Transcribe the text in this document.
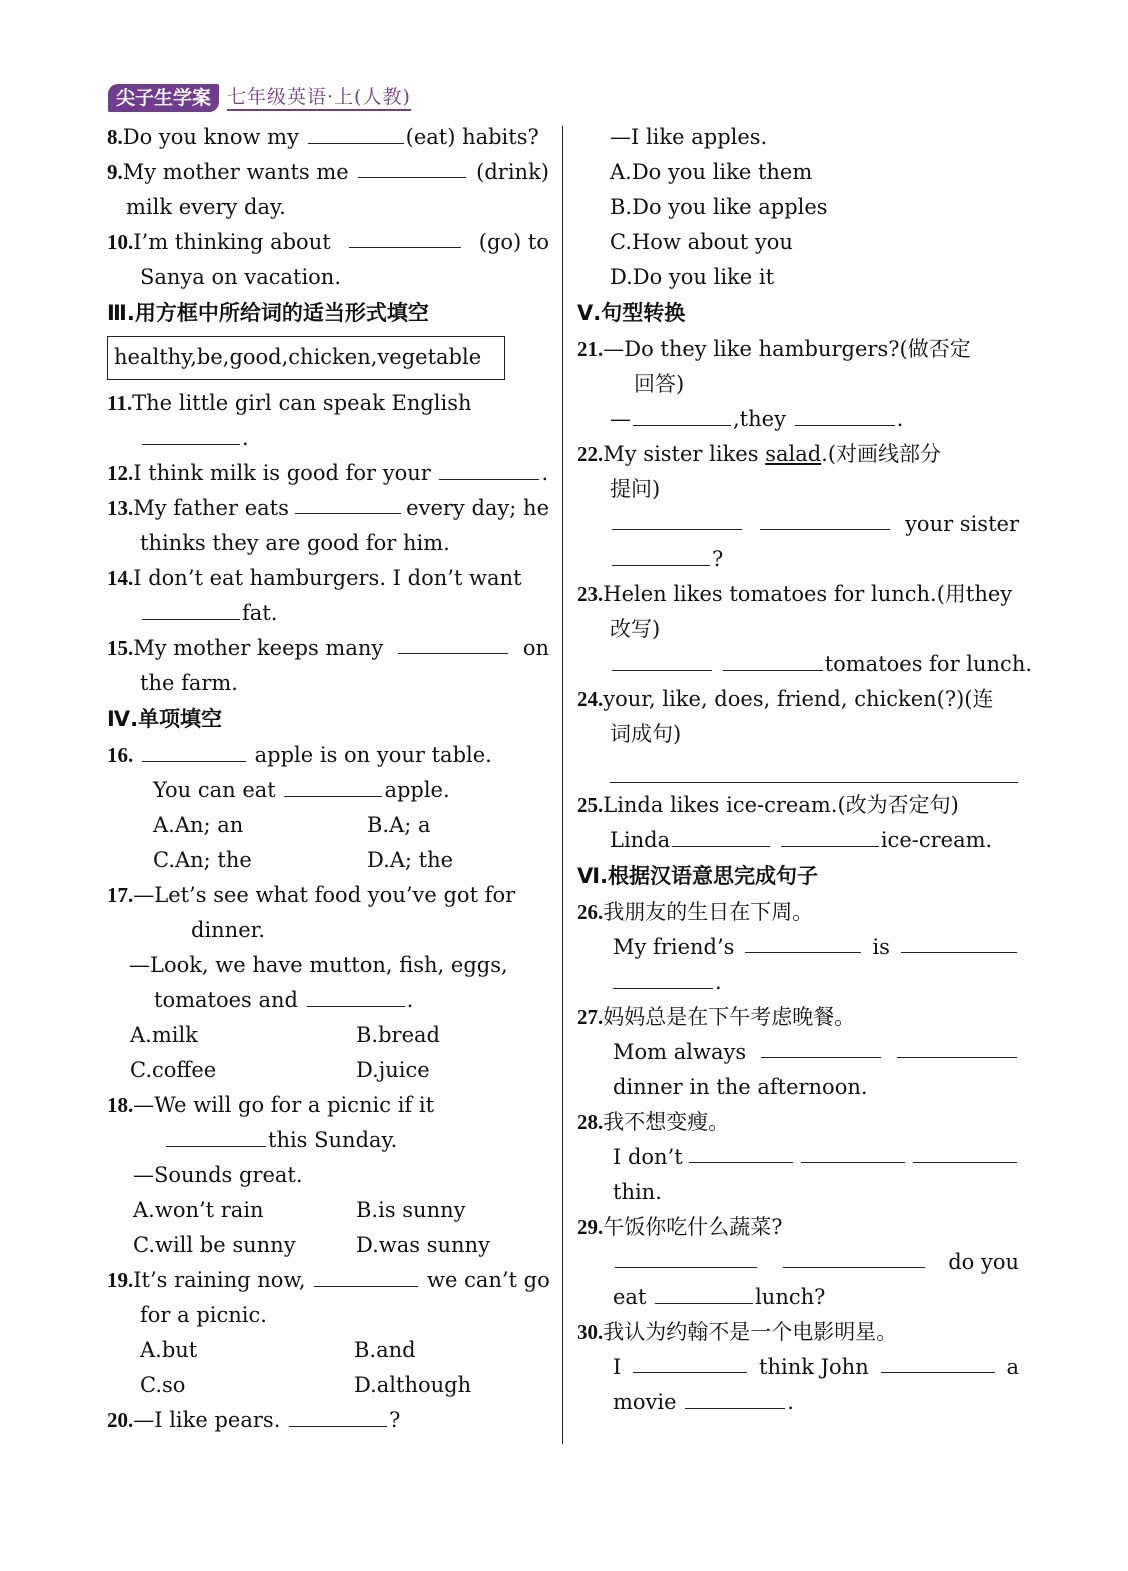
尖子生学案 七年级英语·上(人教)
8.Do you know my	(eat) habits?
9.My mother wants me	(drink)
milk every day.
10.I’m thinking about	(go) to
Sanya on vacation.
Ⅲ.用方框中所给词的适当形式填空
healthy,be,good,chicken,vegetable
11.The little girl can speak English
.
12.I think milk is good for your	.
13.My father eats	every day; he
thinks they are good for him.
14.I don’t eat hamburgers. I don’t want
fat.
15.My mother keeps many	on
the farm.
Ⅳ.单项填空
16.	apple is on your table.
You can eat	apple.
A.An; an	B.A; a
C.An; the	D.A; the
17.—Let’s see what food you’ve got for
dinner.
—Look, we have mutton, fish, eggs,
tomatoes and	.
A.milk	B.bread
C.coffee	D.juice
18.—We will go for a picnic if it
this Sunday.
—Sounds great.
A.won’t rain	B.is sunny
C.will be sunny	D.was sunny
19.It’s raining now,	we can’t go
for a picnic.
A.but	B.and
C.so	D.although
20.—I like pears.	?
—I like apples.
A.Do you like them
B.Do you like apples
C.How about you
D.Do you like it
Ⅴ.句型转换
21.—Do they like hamburgers?(做否定
回答)
—	,they	.
22.My sister likes salad.(对画线部分
提问)
your sister
?
23.Helen likes tomatoes for lunch.(用they
改写)
tomatoes for lunch.
24.your, like, does, friend, chicken(?)(连
词成句)
25.Linda likes ice-cream.(改为否定句)
Linda	ice-cream.
Ⅵ.根据汉语意思完成句子
26.我朋友的生日在下周。
My friend’s	is
.
27.妈妈总是在下午考虑晚餐。
Mom always
dinner in the afternoon.
28.我不想变瘦。
I don’t
thin.
29.午饭你吃什么蔬菜?
do you
eat	lunch?
30.我认为约翰不是一个电影明星。
I	think John	a
movie	.
